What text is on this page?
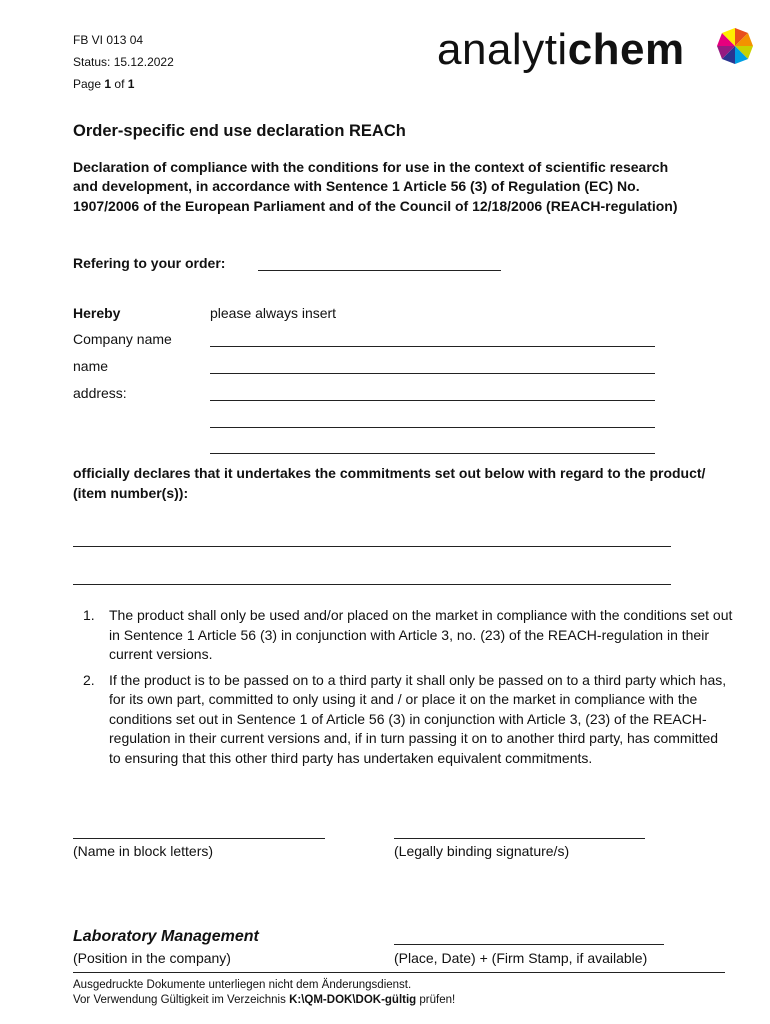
FB VI 013 04
Status: 15.12.2022
Page 1 of 1
analytichem
Order-specific end use declaration REACh
Declaration of compliance with the conditions for use in the context of scientific research and development, in accordance with Sentence 1 Article 56 (3) of Regulation (EC) No. 1907/2006 of the European Parliament and of the Council of 12/18/2006 (REACH-regulation)
Refering to your order:
Hereby	please always insert
Company name
name
address:
officially declares that it undertakes the commitments set out below with regard to the product/ (item number(s)):
1. The product shall only be used and/or placed on the market in compliance with the conditions set out in Sentence 1 Article 56 (3) in conjunction with Article 3, no. (23) of the REACH-regulation in their current versions.
2. If the product is to be passed on to a third party it shall only be passed on to a third party which has, for its own part, committed to only using it and / or place it on the market in compliance with the conditions set out in Sentence 1 of Article 56 (3) in conjunction with Article 3, (23) of the REACH-regulation in their current versions and, if in turn passing it on to another third party, has committed to ensuring that this other third party has undertaken equivalent commitments.
(Name in block letters)	(Legally binding signature/s)
Laboratory Management
(Position in the company)	(Place, Date) + (Firm Stamp, if available)
Ausgedruckte Dokumente unterliegen nicht dem Änderungsdienst.
Vor Verwendung Gültigkeit im Verzeichnis K:\QM-DOK\DOK-gültig prüfen!
